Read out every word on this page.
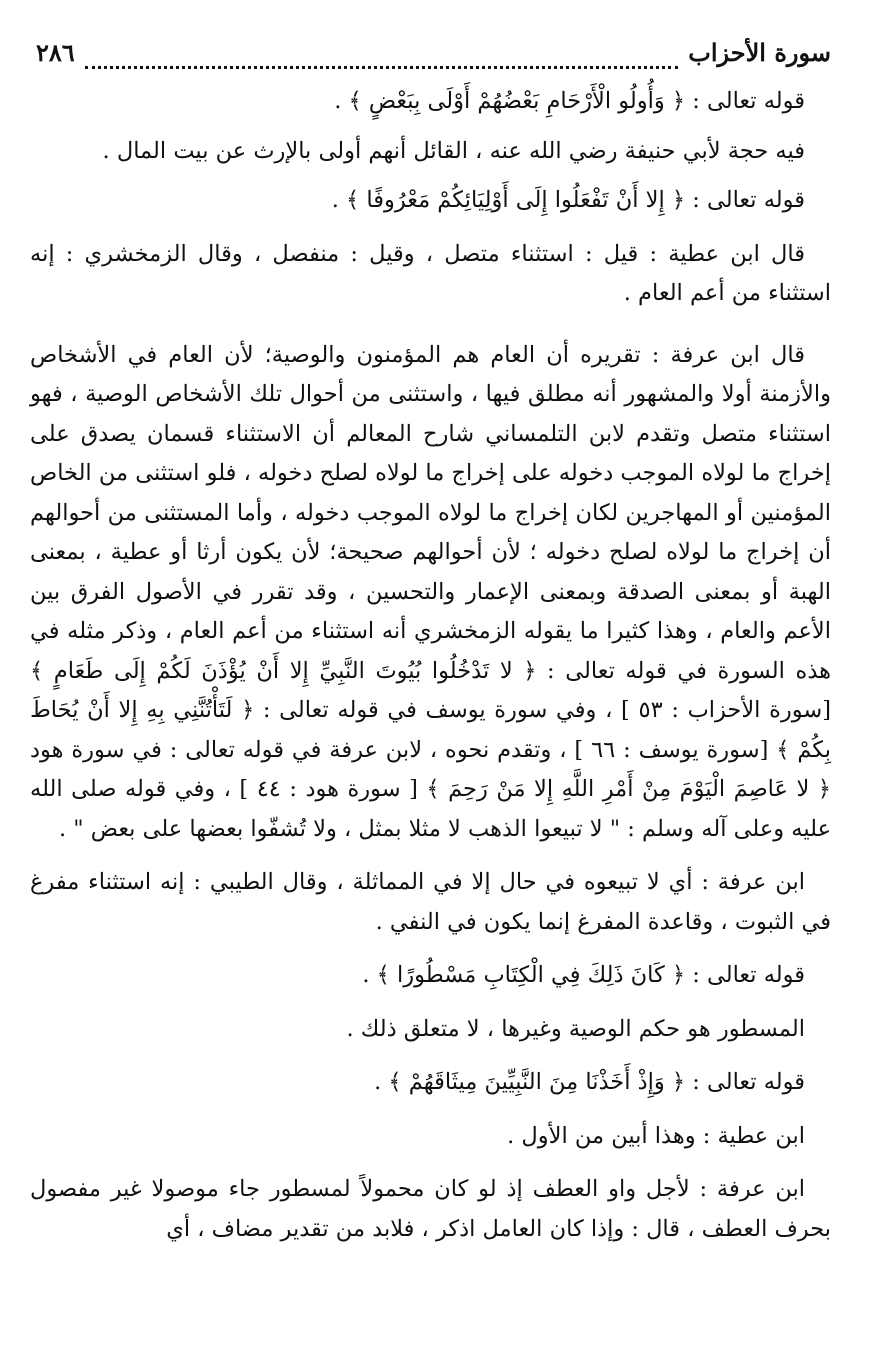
سورة الأحزاب
٢٨٦

قوله تعالى : ﴿ وَأُولُو الْأَرْحَامِ بَعْضُهُمْ أَوْلَى بِبَعْضٍ ﴾ .

فيه حجة لأبي حنيفة رضي الله عنه ، القائل أنهم أولى بالإرث عن بيت المال .

قوله تعالى : ﴿ إِلا أَنْ تَفْعَلُوا إِلَى أَوْلِيَائِكُمْ مَعْرُوفًا ﴾ .

قال ابن عطية : قيل : استثناء متصل ، وقيل : منفصل ، وقال الزمخشري : إنه استثناء من أعم العام .

قال ابن عرفة : تقريره أن العام هم المؤمنون والوصية؛ لأن العام في الأشخاص والأزمنة أولا والمشهور أنه مطلق فيها ، واستثنى من أحوال تلك الأشخاص الوصية ، فهو استثناء متصل وتقدم لابن التلمساني شارح المعالم أن الاستثناء قسمان يصدق على إخراج ما لولاه الموجب دخوله على إخراج ما لولاه لصلح دخوله ، فلو استثنى من الخاص المؤمنين أو المهاجرين لكان إخراج ما لولاه الموجب دخوله ، وأما المستثنى من أحوالهم أن إخراج ما لولاه لصلح دخوله ؛ لأن أحوالهم صحيحة؛ لأن يكون أرثا أو عطية ، بمعنى الهبة أو بمعنى الصدقة وبمعنى الإعمار والتحسين ، وقد تقرر في الأصول الفرق بين الأعم والعام ، وهذا كثيرا ما يقوله الزمخشري أنه استثناء من أعم العام ، وذكر مثله في هذه السورة في قوله تعالى : ﴿ لا تَدْخُلُوا بُيُوتَ النَّبِيِّ إِلا أَنْ يُؤْذَنَ لَكُمْ إِلَى طَعَامٍ ﴾ [سورة الأحزاب : ٥٣ ] ، وفي سورة يوسف في قوله تعالى : ﴿ لَتَأْتُنَّنِي بِهِ إِلا أَنْ يُحَاطَ بِكُمْ ﴾ [سورة يوسف : ٦٦ ] ، وتقدم نحوه ، لابن عرفة في قوله تعالى : في سورة هود ﴿ لا عَاصِمَ الْيَوْمَ مِنْ أَمْرِ اللَّهِ إِلا مَنْ رَحِمَ ﴾ [ سورة هود : ٤٤ ] ، وفي قوله صلى الله عليه وعلى آله وسلم : " لا تبيعوا الذهب لا مثلا بمثل ، ولا تُشفّوا بعضها على بعض " .

ابن عرفة : أي لا تبيعوه في حال إلا في المماثلة ، وقال الطيبي : إنه استثناء مفرغ في الثبوت ، وقاعدة المفرغ إنما يكون في النفي .

قوله تعالى : ﴿ كَانَ ذَلِكَ فِي الْكِتَابِ مَسْطُورًا ﴾ .

المسطور هو حكم الوصية وغيرها ، لا متعلق ذلك .

قوله تعالى : ﴿ وَإِذْ أَخَذْنَا مِنَ النَّبِيِّينَ مِيثَاقَهُمْ ﴾ .

ابن عطية : وهذا أبين من الأول .

ابن عرفة : لأجل واو العطف إذ لو كان محمولاً لمسطور جاء موصولا غير مفصول بحرف العطف ، قال : وإذا كان العامل اذكر ، فلابد من تقدير مضاف ، أي
